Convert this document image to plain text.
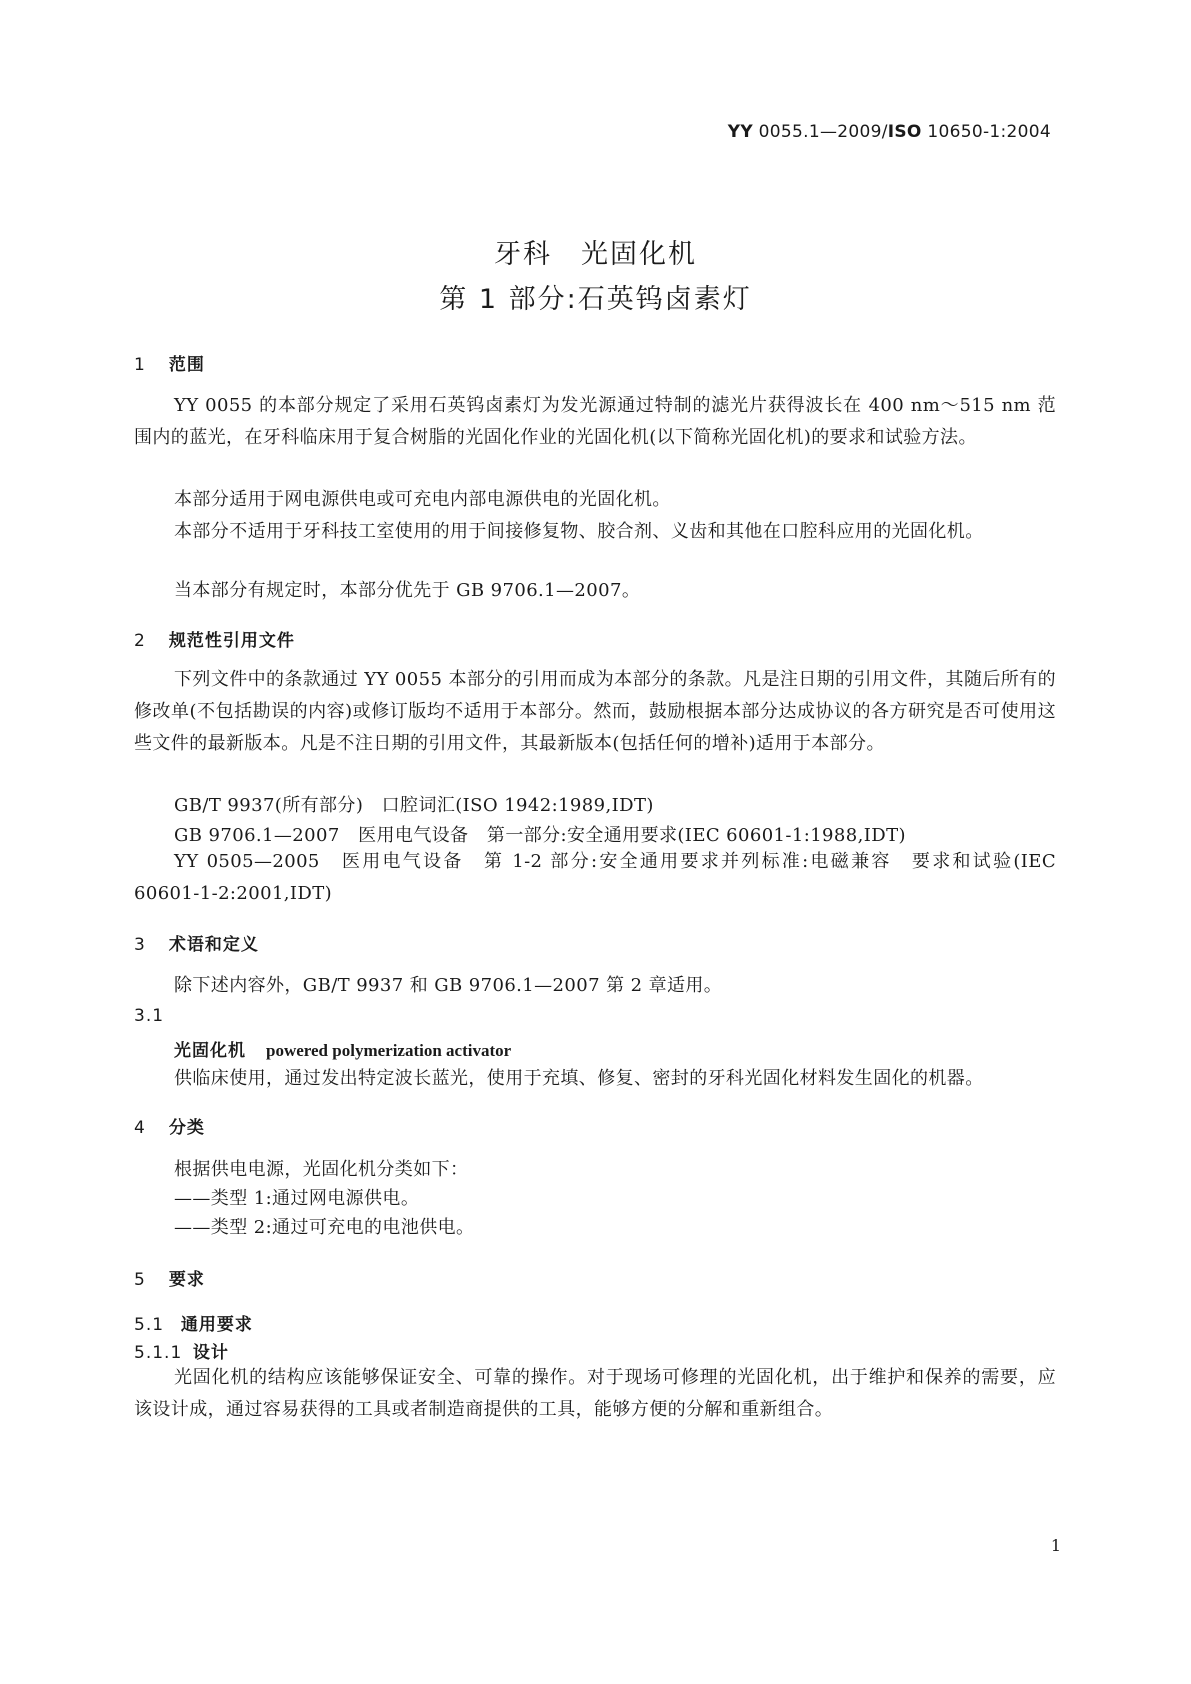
YY 0055.1—2009/ISO 10650-1:2004
牙科　光固化机
第 1 部分:石英钨卤素灯
1 范围
YY 0055 的本部分规定了采用石英钨卤素灯为发光源通过特制的滤光片获得波长在 400 nm～515 nm 范围内的蓝光，在牙科临床用于复合树脂的光固化作业的光固化机(以下简称光固化机)的要求和试验方法。
本部分适用于网电源供电或可充电内部电源供电的光固化机。
本部分不适用于牙科技工室使用的用于间接修复物、胶合剂、义齿和其他在口腔科应用的光固化机。
当本部分有规定时，本部分优先于 GB 9706.1—2007。
2 规范性引用文件
下列文件中的条款通过 YY 0055 本部分的引用而成为本部分的条款。凡是注日期的引用文件，其随后所有的修改单(不包括勘误的内容)或修订版均不适用于本部分。然而，鼓励根据本部分达成协议的各方研究是否可使用这些文件的最新版本。凡是不注日期的引用文件，其最新版本(包括任何的增补)适用于本部分。
GB/T 9937(所有部分)　口腔词汇(ISO 1942:1989,IDT)
GB 9706.1—2007　医用电气设备　第一部分:安全通用要求(IEC 60601-1:1988,IDT)
YY 0505—2005　医用电气设备　第 1-2 部分:安全通用要求并列标准:电磁兼容　要求和试验(IEC 60601-1-2:2001,IDT)
3 术语和定义
除下述内容外，GB/T 9937 和 GB 9706.1—2007 第 2 章适用。
3.1
光固化机 powered polymerization activator
供临床使用，通过发出特定波长蓝光，使用于充填、修复、密封的牙科光固化材料发生固化的机器。
4 分类
根据供电电源，光固化机分类如下：
——类型 1:通过网电源供电。
——类型 2:通过可充电的电池供电。
5 要求
5.1 通用要求
5.1.1 设计
光固化机的结构应该能够保证安全、可靠的操作。对于现场可修理的光固化机，出于维护和保养的需要，应该设计成，通过容易获得的工具或者制造商提供的工具，能够方便的分解和重新组合。
1
